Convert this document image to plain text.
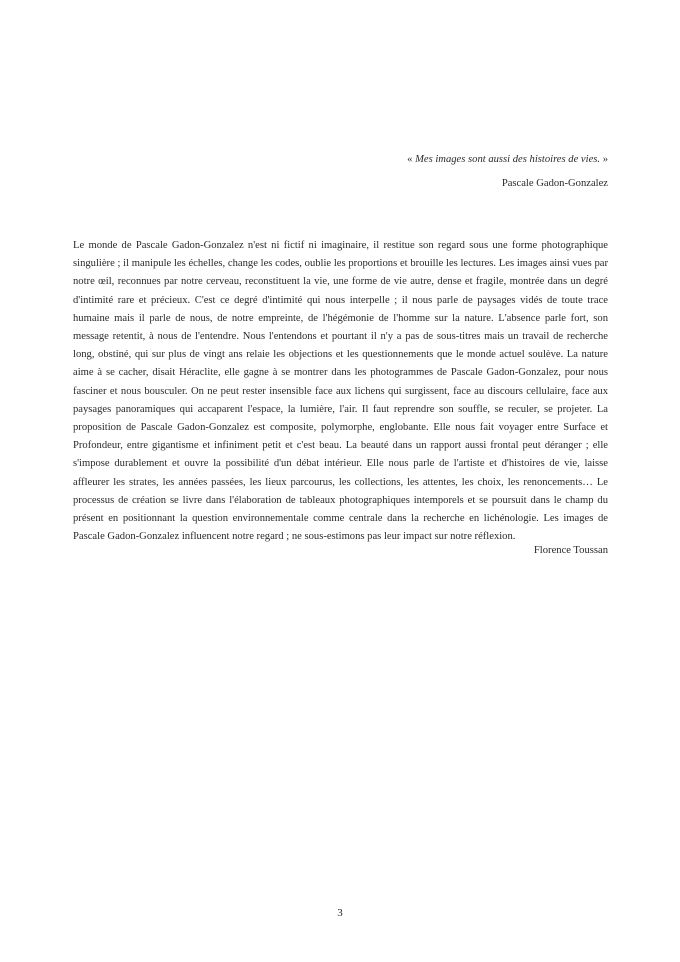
« Mes images sont aussi des histoires de vies. »
Pascale Gadon-Gonzalez

Le monde de Pascale Gadon-Gonzalez n'est ni fictif ni imaginaire, il restitue son regard sous une forme photographique singulière ; il manipule les échelles, change les codes, oublie les proportions et brouille les lectures. Les images ainsi vues par notre œil, reconnues par notre cerveau, reconstituent la vie, une forme de vie autre, dense et fragile, montrée dans un degré d'intimité rare et précieux. C'est ce degré d'intimité qui nous interpelle ; il nous parle de paysages vidés de toute trace humaine mais il parle de nous, de notre empreinte, de l'hégémonie de l'homme sur la nature. L'absence parle fort, son message retentit, à nous de l'entendre. Nous l'entendons et pourtant il n'y a pas de sous-titres mais un travail de recherche long, obstiné, qui sur plus de vingt ans relaie les objections et les questionnements que le monde actuel soulève. La nature aime à se cacher, disait Héraclite, elle gagne à se montrer dans les photogrammes de Pascale Gadon-Gonzalez, pour nous fasciner et nous bousculer. On ne peut rester insensible face aux lichens qui surgissent, face au discours cellulaire, face aux paysages panoramiques qui accaparent l'espace, la lumière, l'air. Il faut reprendre son souffle, se reculer, se projeter. La proposition de Pascale Gadon-Gonzalez est composite, polymorphe, englobante. Elle nous fait voyager entre Surface et Profondeur, entre gigantisme et infiniment petit et c'est beau. La beauté dans un rapport aussi frontal peut déranger ; elle s'impose durablement et ouvre la possibilité d'un débat intérieur. Elle nous parle de l'artiste et d'histoires de vie, laisse affleurer les strates, les années passées, les lieux parcourus, les collections, les attentes, les choix, les renoncements… Le processus de création se livre dans l'élaboration de tableaux photographiques intemporels et se poursuit dans le champ du présent en positionnant la question environnementale comme centrale dans la recherche en lichénologie. Les images de Pascale Gadon-Gonzalez influencent notre regard ; ne sous-estimons pas leur impact sur notre réflexion.

Florence Toussan
3
